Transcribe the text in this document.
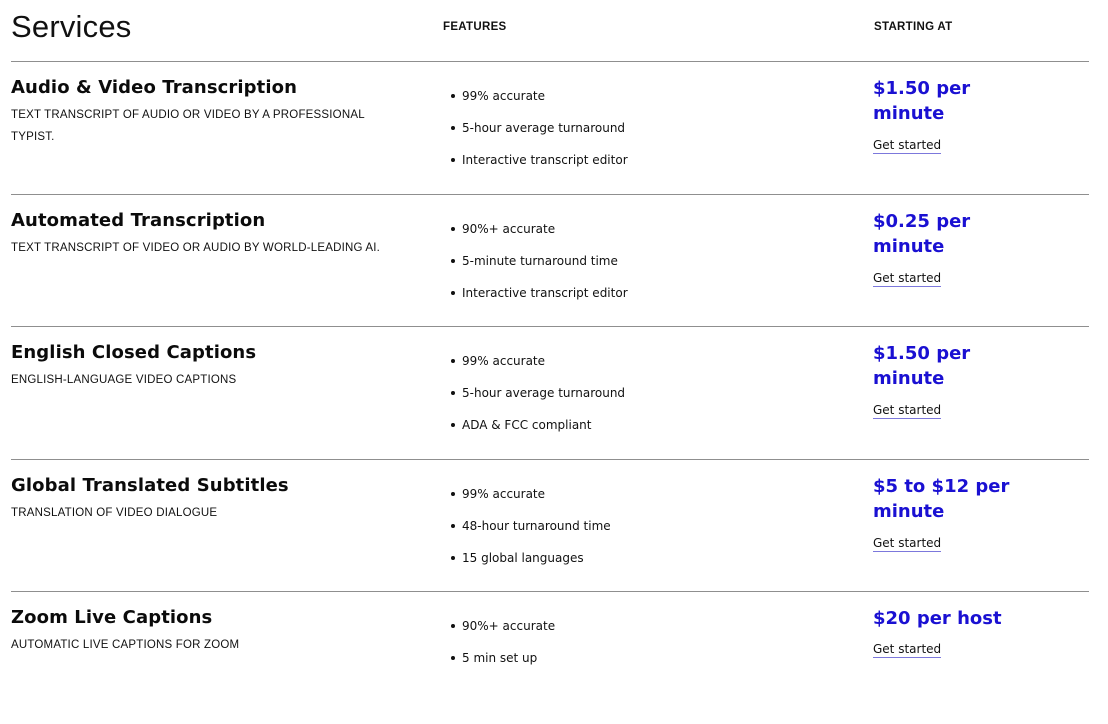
Services	FEATURES	STARTING AT
Audio & Video Transcription
TEXT TRANSCRIPT OF AUDIO OR VIDEO BY A PROFESSIONAL TYPIST.
99% accurate
5-hour average turnaround
Interactive transcript editor
$1.50 per minute
Get started
Automated Transcription
TEXT TRANSCRIPT OF VIDEO OR AUDIO BY WORLD-LEADING AI.
90%+ accurate
5-minute turnaround time
Interactive transcript editor
$0.25 per minute
Get started
English Closed Captions
ENGLISH-LANGUAGE VIDEO CAPTIONS
99% accurate
5-hour average turnaround
ADA & FCC compliant
$1.50 per minute
Get started
Global Translated Subtitles
TRANSLATION OF VIDEO DIALOGUE
99% accurate
48-hour turnaround time
15 global languages
$5 to $12 per minute
Get started
Zoom Live Captions
AUTOMATIC LIVE CAPTIONS FOR ZOOM
90%+ accurate
5 min set up
$20 per host
Get started
